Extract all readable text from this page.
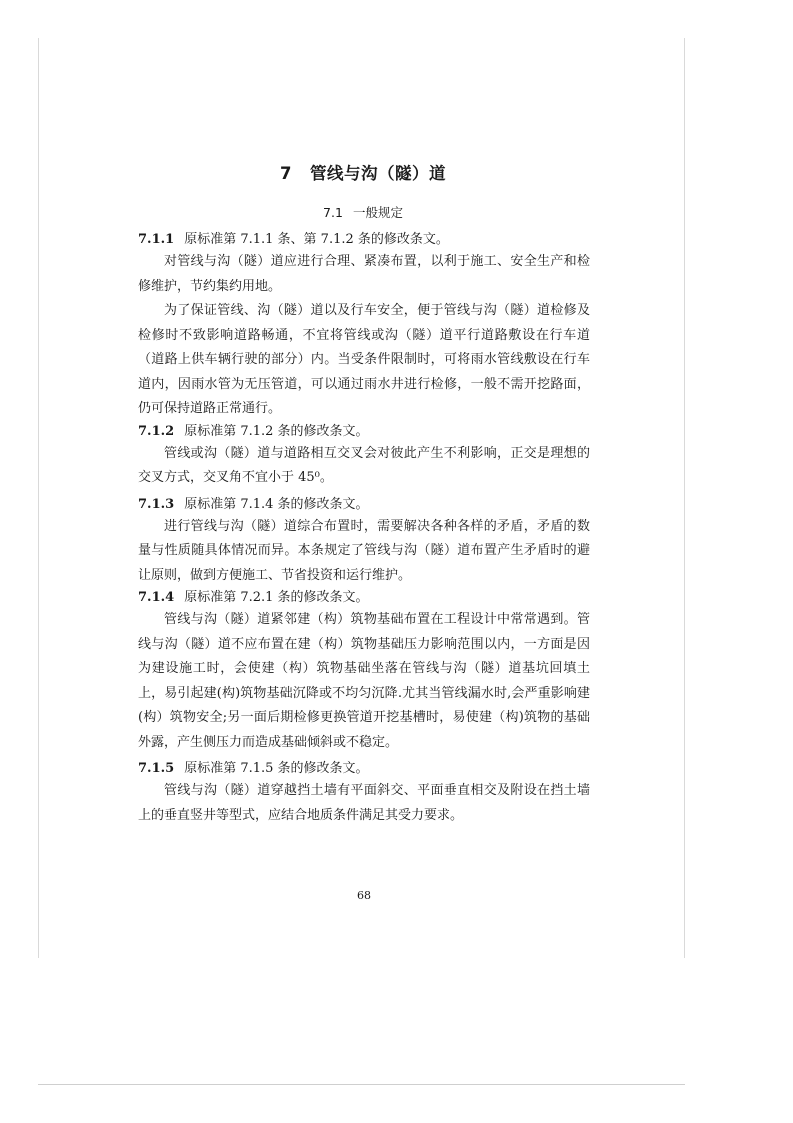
7 管线与沟（隧）道
7.1 一般规定

7.1.1 原标准第 7.1.1 条、第 7.1.2 条的修改条文。

对管线与沟（隧）道应进行合理、紧凑布置，以利于施工、安全生产和检修维护，节约集约用地。

为了保证管线、沟（隧）道以及行车安全，便于管线与沟（隧）道检修及检修时不致影响道路畅通，不宜将管线或沟（隧）道平行道路敷设在行车道（道路上供车辆行驶的部分）内。当受条件限制时，可将雨水管线敷设在行车道内，因雨水管为无压管道，可以通过雨水井进行检修，一般不需开挖路面，仍可保持道路正常通行。

7.1.2 原标准第 7.1.2 条的修改条文。

管线或沟（隧）道与道路相互交叉会对彼此产生不利影响，正交是理想的交叉方式，交叉角不宜小于 45⁰。

7.1.3 原标准第 7.1.4 条的修改条文。

进行管线与沟（隧）道综合布置时，需要解决各种各样的矛盾，矛盾的数量与性质随具体情况而异。本条规定了管线与沟（隧）道布置产生矛盾时的避让原则，做到方便施工、节省投资和运行维护。

7.1.4 原标准第 7.2.1 条的修改条文。

管线与沟（隧）道紧邻建（构）筑物基础布置在工程设计中常常遇到。管线与沟（隧）道不应布置在建（构）筑物基础压力影响范围以内，一方面是因为建设施工时，会使建（构）筑物基础坐落在管线与沟（隧）道基坑回填土上，易引起建(构)筑物基础沉降或不均匀沉降.尤其当管线漏水时,会严重影响建(构）筑物安全;另一面后期检修更换管道开挖基槽时，易使建（构)筑物的基础外露，产生侧压力而造成基础倾斜或不稳定。

7.1.5 原标准第 7.1.5 条的修改条文。

管线与沟（隧）道穿越挡土墙有平面斜交、平面垂直相交及附设在挡土墙上的垂直竖井等型式，应结合地质条件满足其受力要求。

68
